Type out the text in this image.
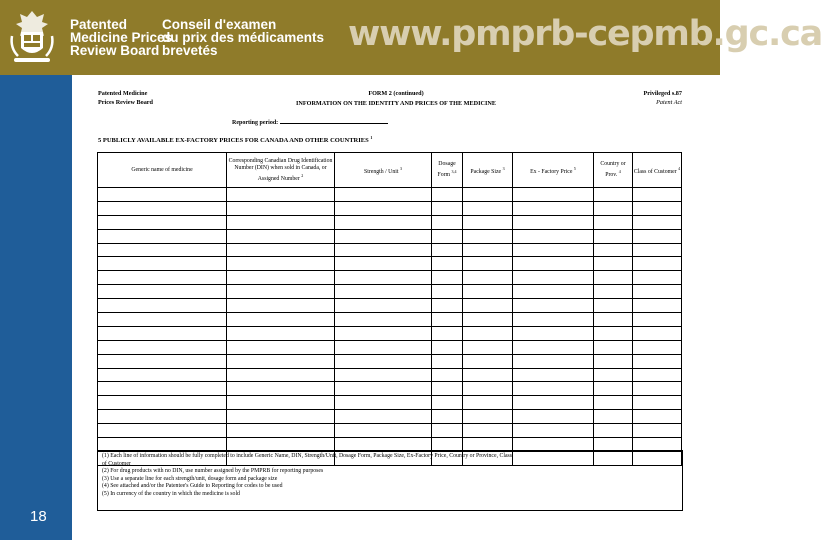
Patented
Medicine Prices
Review Board
Conseil d'examen
du prix des médicaments
brevetés	www.pmprb-cepmb.gc.ca
18
Patented Medicine
Prices Review Board
FORM 2 (continued)
INFORMATION ON THE IDENTITY AND PRICES OF THE MEDICINE
Privileged s.87
Patent Act
Reporting period:
5 PUBLICLY AVAILABLE EX-FACTORY PRICES FOR CANADA AND OTHER COUNTRIES $^1$
Generic name of medicine	Corresponding Canadian Drug Identification Number (DIN) when sold in Canada, or Assigned Number $^2$	Strength / Unit $^3$	Dosage Form $^{3,4}$	Package Size $^3$	Ex - Factory Price $^5$	Country or Prov. $^4$	Class of Customer $^4$

(1) Each line of information should be fully completed to include Generic Name, DIN, Strength/Unit, Dosage Form, Package Size, Ex-Factory Price, Country or Province, Class
of Customer
(2) For drug products with no DIN, use number assigned by the PMPRB for reporting purposes
(3) Use a separate line for each strength/unit, dosage form and package size
(4) See attached and/or the Patentee's Guide to Reporting for codes to be used
(5) In currency of the country in which the medicine is sold
